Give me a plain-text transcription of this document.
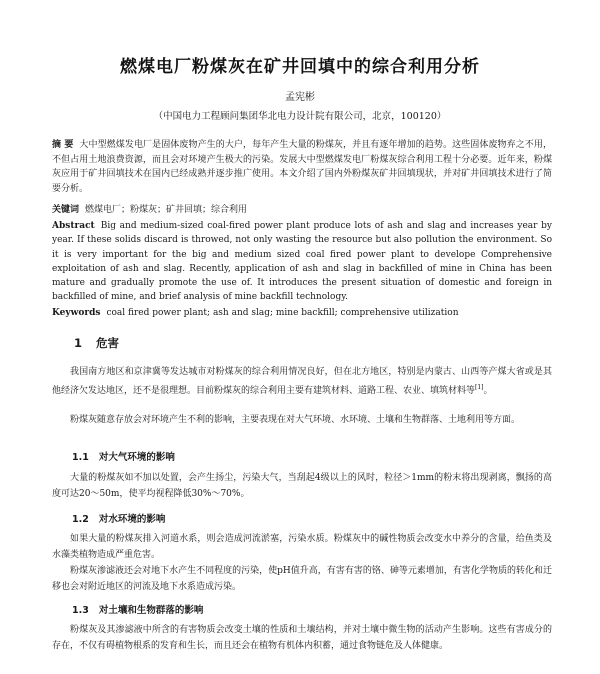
燃煤电厂粉煤灰在矿井回填中的综合利用分析
孟宪彬
（中国电力工程顾问集团华北电力设计院有限公司，北京，100120）
摘 要 大中型燃煤发电厂是固体废物产生的大户，每年产生大量的粉煤灰，并且有逐年增加的趋势。这些固体废物弃之不用，不但占用土地浪费资源，而且会对环境产生极大的污染。发展大中型燃煤发电厂粉煤灰综合利用工程十分必要。近年来，粉煤灰应用于矿井回填技术在国内已经成熟并逐步推广使用。本文介绍了国内外粉煤灰矿井回填现状，并对矿井回填技术进行了简要分析。
关键词 燃煤电厂；粉煤灰；矿井回填；综合利用
Abstract Big and medium-sized coal-fired power plant produce lots of ash and slag and increases year by year. If these solids discard is throwed, not only wasting the resource but also pollution the environment. So it is very important for the big and medium sized coal fired power plant to develope Comprehensive exploitation of ash and slag. Recently, application of ash and slag in backfilled of mine in China has been mature and gradually promote the use of. It introduces the present situation of domestic and foreign in backfilled of mine, and brief analysis of mine backfill technology.
Keywords coal fired power plant; ash and slag; mine backfill; comprehensive utilization
1 危害
我国南方地区和京津冀等发达城市对粉煤灰的综合利用情况良好，但在北方地区，特别是内蒙古、山西等产煤大省或是其他经济欠发达地区，还不是很理想。目前粉煤灰的综合利用主要有建筑材料、道路工程、农业、填筑材料等[1]。
粉煤灰随意存放会对环境产生不利的影响，主要表现在对大气环境、水环境、土壤和生物群落、土地利用等方面。
1.1 对大气环境的影响
大量的粉煤灰如不加以处置，会产生扬尘，污染大气，当刮起4级以上的风时，粒径＞1mm的粉末将出现剥离，飘扬的高度可达20～50m，使平均视程降低30%～70%。
1.2 对水环境的影响
如果大量的粉煤灰排入河道水系，则会造成河流淤塞，污染水质。粉煤灰中的碱性物质会改变水中养分的含量，给鱼类及水藻类植物造成严重危害。
粉煤灰渗滤液还会对地下水产生不同程度的污染，使pH值升高，有害有害的铬、砷等元素增加，有害化学物质的转化和迁移也会对附近地区的河流及地下水系造成污染。
1.3 对土壤和生物群落的影响
粉煤灰及其渗滤液中所含的有害物质会改变土壤的性质和土壤结构，并对土壤中微生物的活动产生影响。这些有害成分的存在，不仅有碍植物根系的发育和生长，而且还会在植物有机体内积蓄，通过食物链危及人体健康。
